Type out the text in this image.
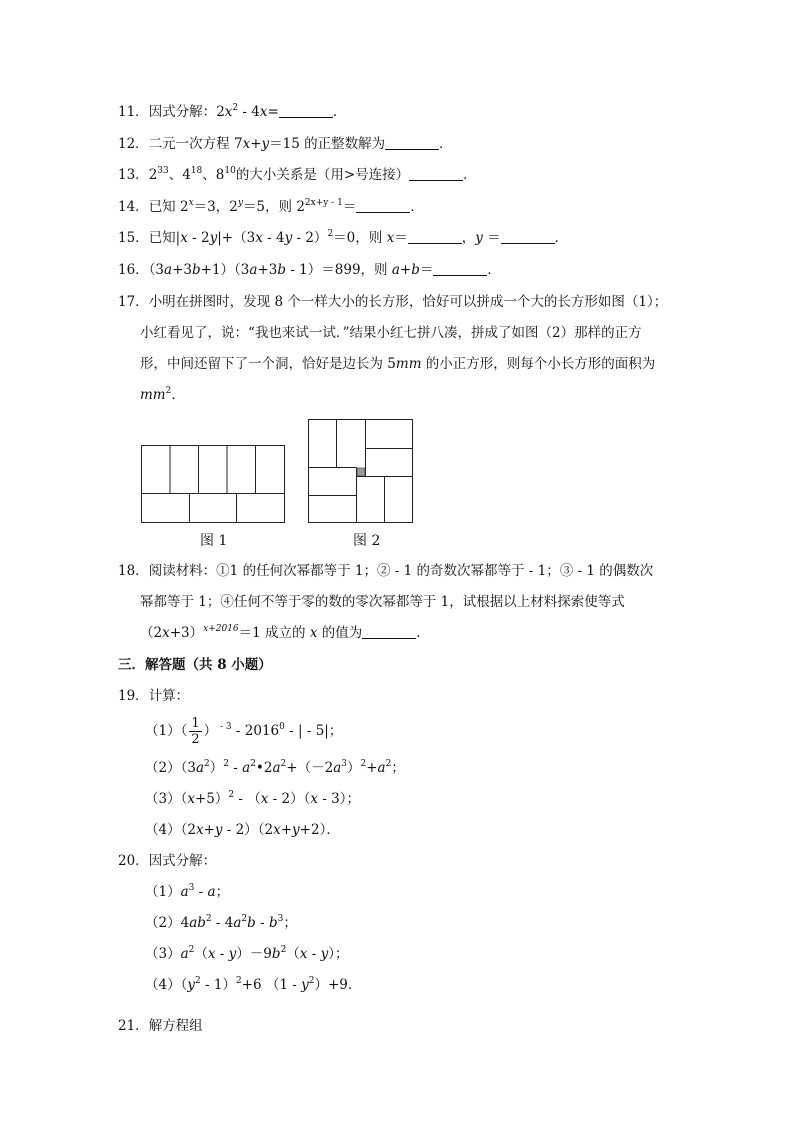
11．因式分解：$2x^2 - 4x=$	．
12．二元一次方程 7x+y＝15 的正整数解为	．
13．$2^{33}$、$4^{18}$、$8^{10}$的大小关系是（用>号连接）	．
14．已知 $2^x=3$，$2^y=5$，则 $2^{2x+y - 1}=$	．
15．已知|x - 2y|+（3x - 4y - 2）$^2$＝0，则 x＝	，y ＝	．
16．（3a+3b+1）（3a+3b - 1）＝899，则 a+b＝	．
17．小明在拼图时，发现 8 个一样大小的长方形，恰好可以拼成一个大的长方形如图（1）；
小红看见了，说：“我也来试一试．”结果小红七拼八凑，拼成了如图（2）那样的正方
形，中间还留下了一个洞，恰好是边长为 5mm 的小正方形，则每个小长方形的面积为
$mm^2$．
图 1	图 2
18．阅读材料：①1 的任何次幂都等于 1；② - 1 的奇数次幂都等于 - 1；③ - 1 的偶数次
幂都等于 1；④任何不等于零的数的零次幂都等于 1，试根据以上材料探索使等式
$(2x+3)^{x+2016}=1$ 成立的 x 的值为	．
三．解答题（共 8 小题）
19．计算：
$(1)( \frac{1}{2}$ ） $^{- 3}$ - 2016$^0$ - | - 5|；
$(2)(3a^2)^2$ - $a^2•2a^2+(-2a^3)^2+a^2$；
$(3)(x+5)^2 - (x - 2)(x - 3)$；
（4）（2x+y - 2）（2x+y+2）．
20．因式分解：
$(1)a^3$ - a；
$(2)4ab^2 - 4a^2b - b^3$；
$(3)a^2(x - y)-9b^2(x - y)$；
$(4)(y^2 - 1)^2+6$ $(1 - y^2)+9$．
21．解方程组
